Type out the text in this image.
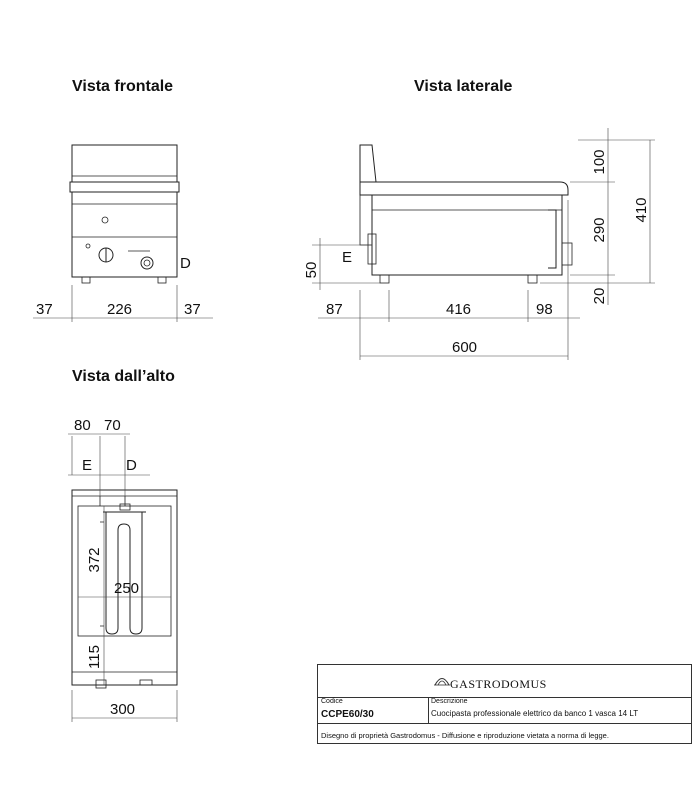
Vista frontale	Vista laterale
Vista dall’alto
D
37	226	37
E
100
290
20
410
50
87	416	98
600
80 70
E D
372
115
250
300
GASTRODOMUS
Codice
CCPE60/30
Descrizione
Cuocipasta professionale elettrico da banco 1 vasca 14 LT
Disegno di proprietà Gastrodomus - Diffusione e riproduzione vietata a norma di legge.
